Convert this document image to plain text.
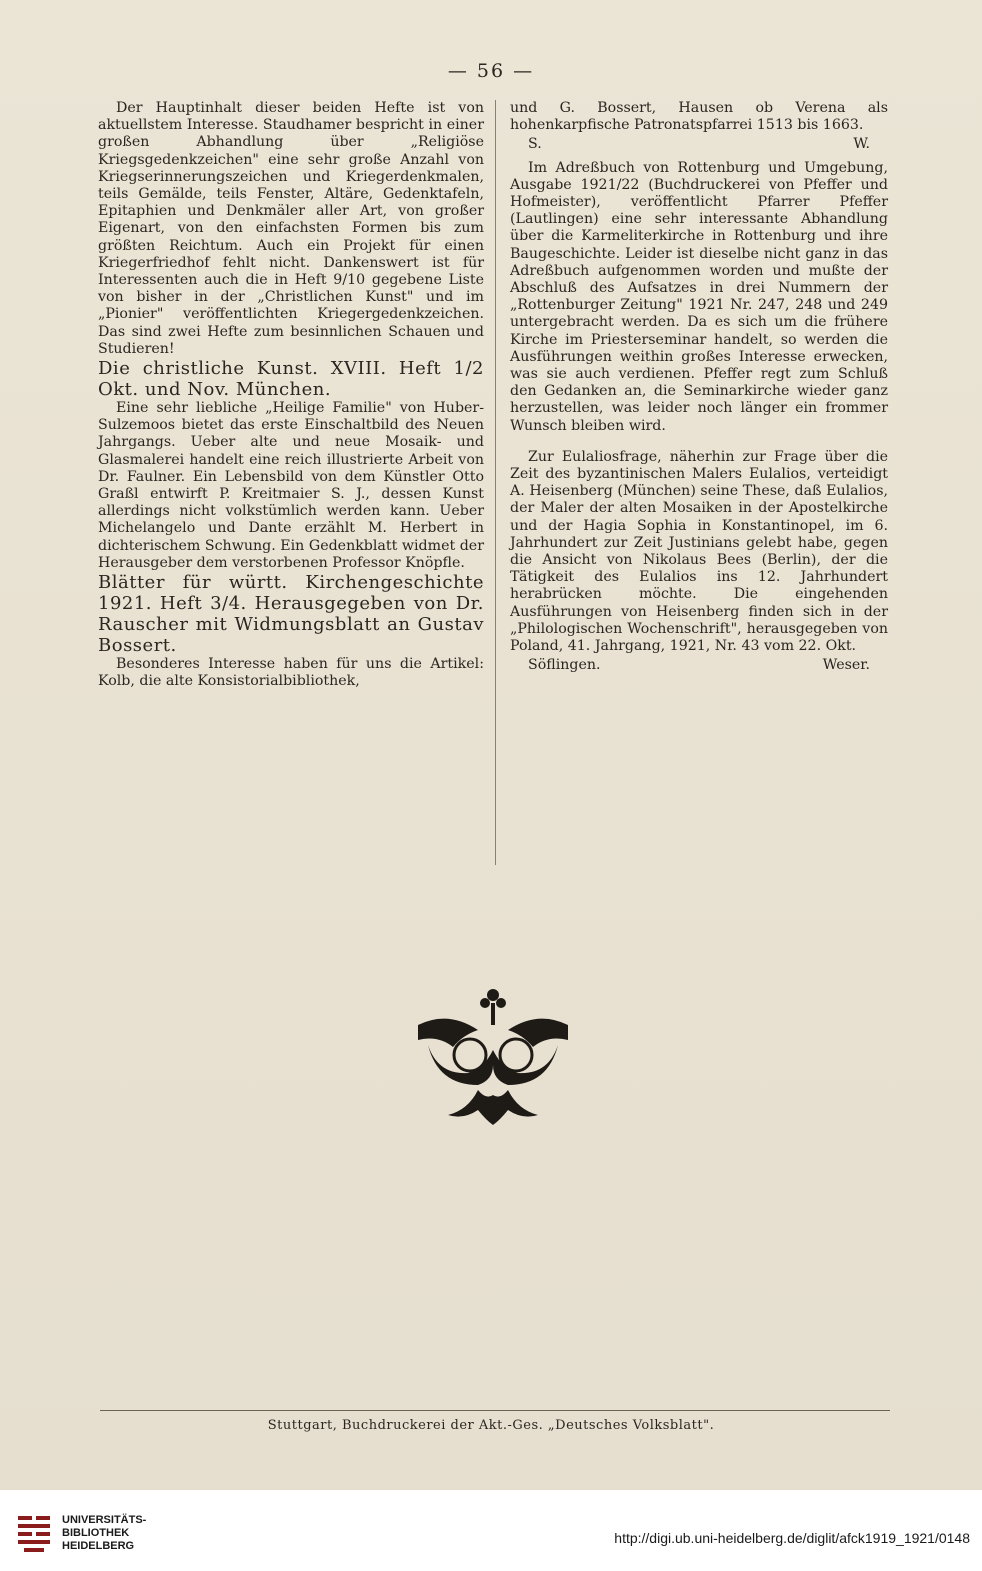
— 56 —

Der Hauptinhalt dieser beiden Hefte ist von aktuellstem Interesse. Staudhamer bespricht in einer großen Abhandlung über „Religiöse Kriegsgedenkzeichen" eine sehr große Anzahl von Kriegserinnerungszeichen und Kriegerdenkmalen, teils Gemälde, teils Fenster, Altäre, Gedenktafeln, Epitaphien und Denkmäler aller Art, von großer Eigenart, von den einfachsten Formen bis zum größten Reichtum. Auch ein Projekt für einen Kriegerfriedhof fehlt nicht. Dankenswert ist für Interessenten auch die in Heft 9/10 gegebene Liste von bisher in der „Christlichen Kunst" und im „Pionier" veröffentlichten Kriegergedenkzeichen. Das sind zwei Hefte zum besinnlichen Schauen und Studieren!

Die christliche Kunst. XVIII. Heft 1/2 Okt. und Nov. München.

Eine sehr liebliche „Heilige Familie" von Huber-Sulzemoos bietet das erste Einschaltbild des Neuen Jahrgangs. Ueber alte und neue Mosaik- und Glasmalerei handelt eine reich illustrierte Arbeit von Dr. Faulner. Ein Lebensbild von dem Künstler Otto Graßl entwirft P. Kreitmaier S. J., dessen Kunst allerdings nicht volkstümlich werden kann. Ueber Michelangelo und Dante erzählt M. Herbert in dichterischem Schwung. Ein Gedenkblatt widmet der Herausgeber dem verstorbenen Professor Knöpfle.

Blätter für württ. Kirchengeschichte 1921. Heft 3/4. Herausgegeben von Dr. Rauscher mit Widmungsblatt an Gustav Bossert.

Besonderes Interesse haben für uns die Artikel: Kolb, die alte Konsistorialbibliothek,

und G. Bossert, Hausen ob Verena als hohenkarpfische Patronatspfarrei 1513 bis 1663.

S.	W.

Im Adreßbuch von Rottenburg und Umgebung, Ausgabe 1921/22 (Buchdruckerei von Pfeffer und Hofmeister), veröffentlicht Pfarrer Pfeffer (Lautlingen) eine sehr interessante Abhandlung über die Karmeliterkirche in Rottenburg und ihre Baugeschichte. Leider ist dieselbe nicht ganz in das Adreßbuch aufgenommen worden und mußte der Abschluß des Aufsatzes in drei Nummern der „Rottenburger Zeitung" 1921 Nr. 247, 248 und 249 untergebracht werden. Da es sich um die frühere Kirche im Priesterseminar handelt, so werden die Ausführungen weithin großes Interesse erwecken, was sie auch verdienen. Pfeffer regt zum Schluß den Gedanken an, die Seminarkirche wieder ganz herzustellen, was leider noch länger ein frommer Wunsch bleiben wird.

Zur Eulaliosfrage, näherhin zur Frage über die Zeit des byzantinischen Malers Eulalios, verteidigt A. Heisenberg (München) seine These, daß Eulalios, der Maler der alten Mosaiken in der Apostelkirche und der Hagia Sophia in Konstantinopel, im 6. Jahrhundert zur Zeit Justinians gelebt habe, gegen die Ansicht von Nikolaus Bees (Berlin), der die Tätigkeit des Eulalios ins 12. Jahrhundert herabrücken möchte. Die eingehenden Ausführungen von Heisenberg finden sich in der „Philologischen Wochenschrift", herausgegeben von Poland, 41. Jahrgang, 1921, Nr. 43 vom 22. Okt.

Söflingen.	Weser.
Stuttgart, Buchdruckerei der Akt.-Ges. „Deutsches Volksblatt".
UNIVERSITÄTS-
BIBLIOTHEK
HEIDELBERG	http://digi.ub.uni-heidelberg.de/diglit/afck1919_1921/0148
